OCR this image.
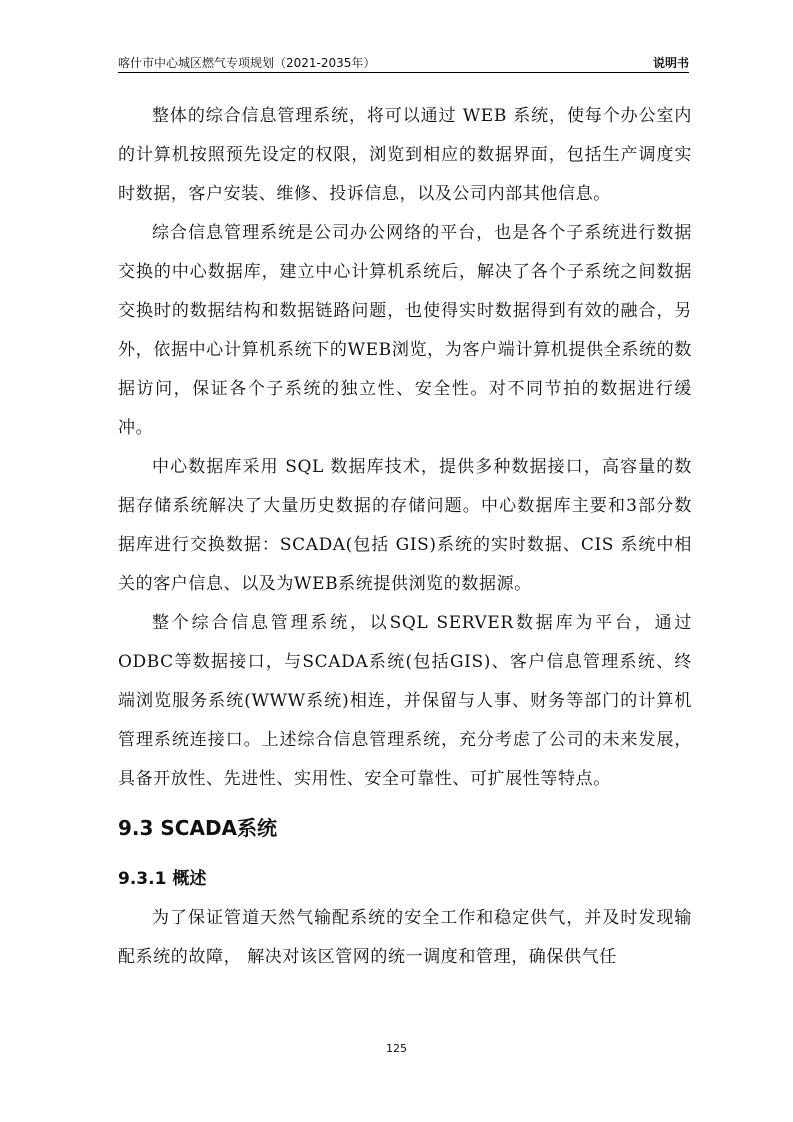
喀什市中心城区燃气专项规划（2021-2035年）	说明书

整体的综合信息管理系统，将可以通过 WEB 系统，使每个办公室内的计算机按照预先设定的权限，浏览到相应的数据界面，包括生产调度实时数据，客户安装、维修、投诉信息，以及公司内部其他信息。

综合信息管理系统是公司办公网络的平台，也是各个子系统进行数据交换的中心数据库，建立中心计算机系统后，解决了各个子系统之间数据交换时的数据结构和数据链路问题，也使得实时数据得到有效的融合，另外，依据中心计算机系统下的WEB浏览，为客户端计算机提供全系统的数据访问，保证各个子系统的独立性、安全性。对不同节拍的数据进行缓冲。

中心数据库采用 SQL 数据库技术，提供多种数据接口，高容量的数据存储系统解决了大量历史数据的存储问题。中心数据库主要和3部分数据库进行交换数据：SCADA(包括 GIS)系统的实时数据、CIS 系统中相关的客户信息、以及为WEB系统提供浏览的数据源。

整个综合信息管理系统，以SQL SERVER数据库为平台，通过ODBC等数据接口，与SCADA系统(包括GIS)、客户信息管理系统、终端浏览服务系统(WWW系统)相连，并保留与人事、财务等部门的计算机管理系统连接口。上述综合信息管理系统，充分考虑了公司的未来发展，具备开放性、先进性、实用性、安全可靠性、可扩展性等特点。

9.3 SCADA系统
9.3.1 概述

为了保证管道天然气输配系统的安全工作和稳定供气，并及时发现输配系统的故障， 解决对该区管网的统一调度和管理，确保供气任

125
